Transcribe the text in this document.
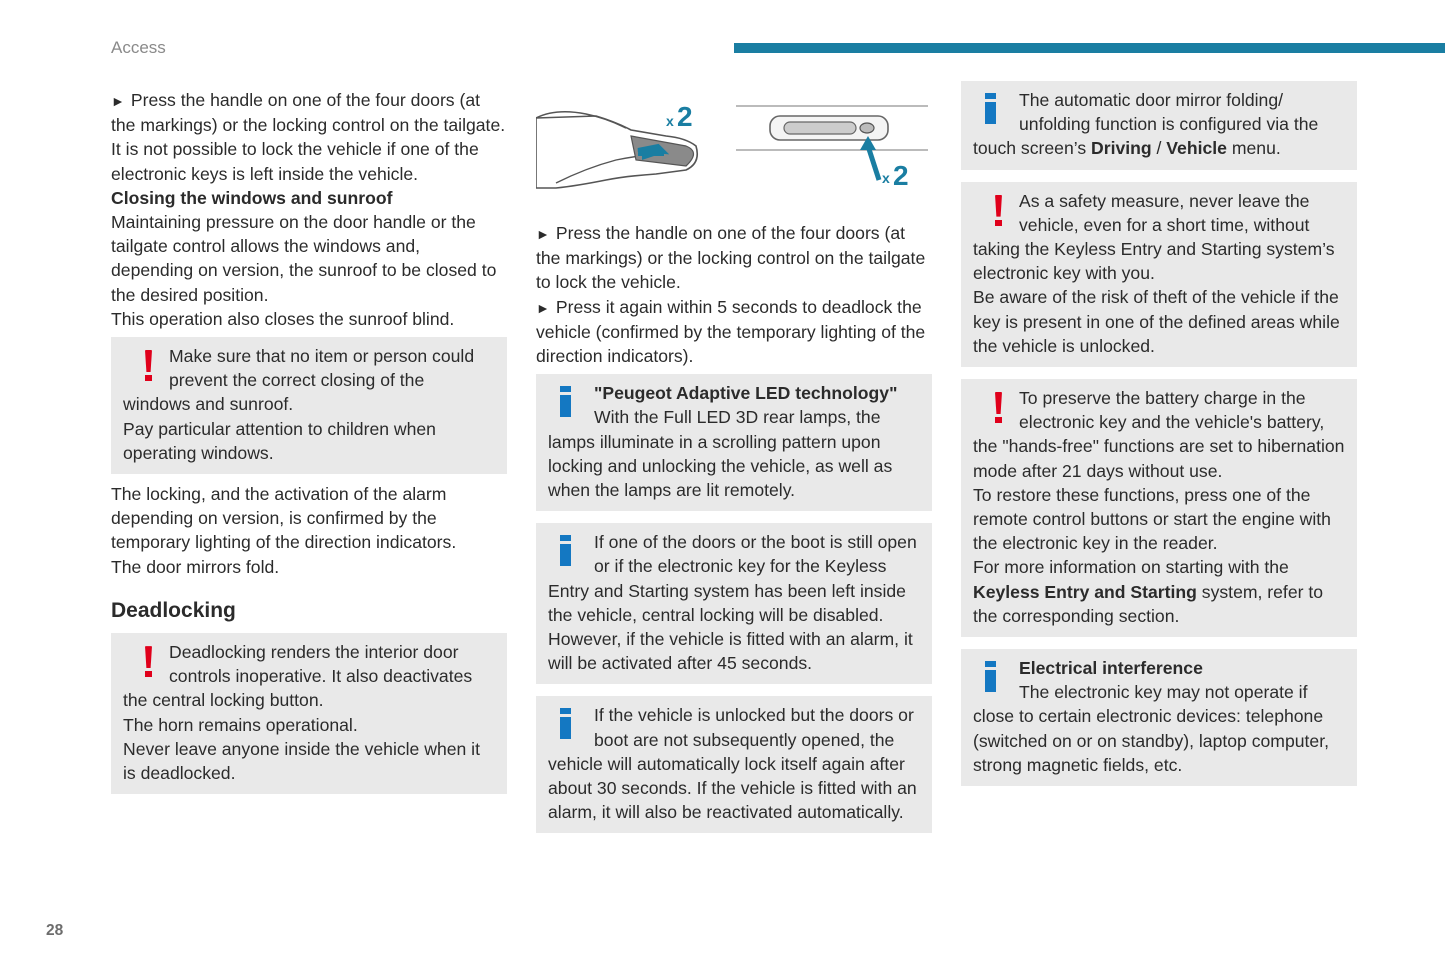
Access

► Press the handle on one of the four doors (at the markings) or the locking control on the tailgate.

It is not possible to lock the vehicle if one of the electronic keys is left inside the vehicle.

Closing the windows and sunroof

Maintaining pressure on the door handle or the tailgate control allows the windows and, depending on version, the sunroof to be closed to the desired position.

This operation also closes the sunroof blind.

Make sure that no item or person could prevent the correct closing of the windows and sunroof.

Pay particular attention to children when operating windows.

The locking, and the activation of the alarm depending on version, is confirmed by the temporary lighting of the direction indicators.

The door mirrors fold.

Deadlocking

Deadlocking renders the interior door controls inoperative. It also deactivates the central locking button.

The horn remains operational.

Never leave anyone inside the vehicle when it is deadlocked.

x 2
x 2

► Press the handle on one of the four doors (at the markings) or the locking control on the tailgate to lock the vehicle.

► Press it again within 5 seconds to deadlock the vehicle (confirmed by the temporary lighting of the direction indicators).

"Peugeot Adaptive LED technology"

With the Full LED 3D rear lamps, the lamps illuminate in a scrolling pattern upon locking and unlocking the vehicle, as well as when the lamps are lit remotely.

If one of the doors or the boot is still open or if the electronic key for the Keyless Entry and Starting system has been left inside the vehicle, central locking will be disabled.

However, if the vehicle is fitted with an alarm, it will be activated after 45 seconds.

If the vehicle is unlocked but the doors or boot are not subsequently opened, the vehicle will automatically lock itself again after about 30 seconds. If the vehicle is fitted with an alarm, it will also be reactivated automatically.

The automatic door mirror folding/ unfolding function is configured via the touch screen’s Driving / Vehicle menu.

As a safety measure, never leave the vehicle, even for a short time, without taking the Keyless Entry and Starting system’s electronic key with you.

Be aware of the risk of theft of the vehicle if the key is present in one of the defined areas while the vehicle is unlocked.

To preserve the battery charge in the electronic key and the vehicle's battery, the "hands-free" functions are set to hibernation mode after 21 days without use.

To restore these functions, press one of the remote control buttons or start the engine with the electronic key in the reader.

For more information on starting with the Keyless Entry and Starting system, refer to the corresponding section.

Electrical interference

The electronic key may not operate if close to certain electronic devices: telephone (switched on or on standby), laptop computer, strong magnetic fields, etc.

28
